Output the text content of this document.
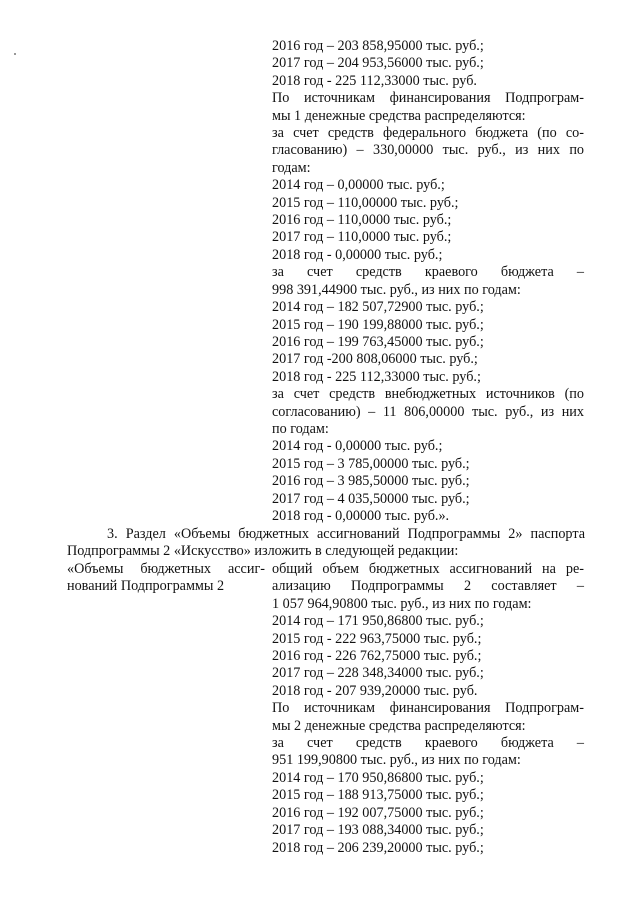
2016 год – 203 858,95000 тыс. руб.;
2017 год – 204 953,56000 тыс. руб.;
2018 год - 225 112,33000 тыс. руб.
По источникам финансирования Подпрограм-
мы 1 денежные средства распределяются:
за счет средств федерального бюджета (по со-
гласованию) – 330,00000 тыс. руб., из них по
годам:
2014 год – 0,00000 тыс. руб.;
2015 год – 110,00000 тыс. руб.;
2016 год – 110,0000 тыс. руб.;
2017 год – 110,0000 тыс. руб.;
2018 год - 0,00000 тыс. руб.;
за счет средств краевого бюджета –
998 391,44900 тыс. руб., из них по годам:
2014 год – 182 507,72900 тыс. руб.;
2015 год – 190 199,88000 тыс. руб.;
2016 год – 199 763,45000 тыс. руб.;
2017 год -200 808,06000 тыс. руб.;
2018 год - 225 112,33000 тыс. руб.;
за счет средств внебюджетных источников (по
согласованию) – 11 806,00000 тыс. руб., из них
по годам:
2014 год - 0,00000 тыс. руб.;
2015 год – 3 785,00000 тыс. руб.;
2016 год – 3 985,50000 тыс. руб.;
2017 год – 4 035,50000 тыс. руб.;
2018 год - 0,00000 тыс. руб.».
3. Раздел «Объемы бюджетных ассигнований Подпрограммы 2» паспорта
Подпрограммы 2 «Искусство» изложить в следующей редакции:
«Объемы бюджетных ассиг-
нований Подпрограммы 2
общий объем бюджетных ассигнований на ре-
ализацию Подпрограммы 2 составляет –
1 057 964,90800 тыс. руб., из них по годам:
2014 год – 171 950,86800 тыс. руб.;
2015 год - 222 963,75000 тыс. руб.;
2016 год - 226 762,75000 тыс. руб.;
2017 год – 228 348,34000 тыс. руб.;
2018 год - 207 939,20000 тыс. руб.
По источникам финансирования Подпрограм-
мы 2 денежные средства распределяются:
за счет средств краевого бюджета –
951 199,90800 тыс. руб., из них по годам:
2014 год – 170 950,86800 тыс. руб.;
2015 год – 188 913,75000 тыс. руб.;
2016 год – 192 007,75000 тыс. руб.;
2017 год – 193 088,34000 тыс. руб.;
2018 год – 206 239,20000 тыс. руб.;
